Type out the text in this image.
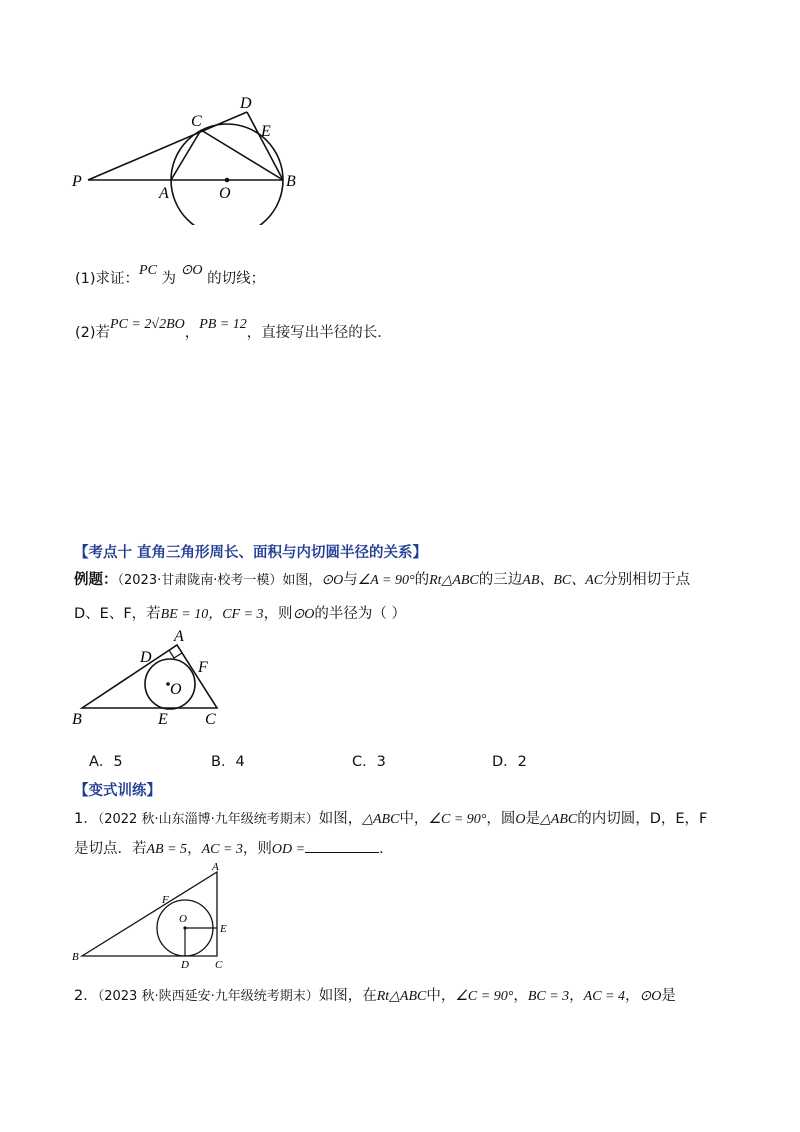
P
A	O
B
C
D
E
(1)求证：PC 为 ⊙O 的切线；
(2)若PC = 2√2BO，PB = 12，直接写出半径的长．
【考点十 直角三角形周长、面积与内切圆半径的关系】
例题：（2023·甘肃陇南·校考一模）如图，⊙O与∠A = 90°的Rt△ABC的三边AB、BC、AC分别相切于点
D、E、F，若BE = 10，CF = 3，则⊙O的半径为（ ）
A
D
F
O
B	E C
A．5	B．4	C．3	D．2
【变式训练】
1．（2022 秋·山东淄博·九年级统考期末）如图，△ABC中，∠C = 90°，圆O是△ABC的内切圆，D，E，F
是切点．若AB = 5，AC = 3，则OD =	.
A
F
O
E
B
D C
2．（2023 秋·陕西延安·九年级统考期末）如图，在Rt△ABC中，∠C = 90°，BC = 3，AC = 4，⊙O是
